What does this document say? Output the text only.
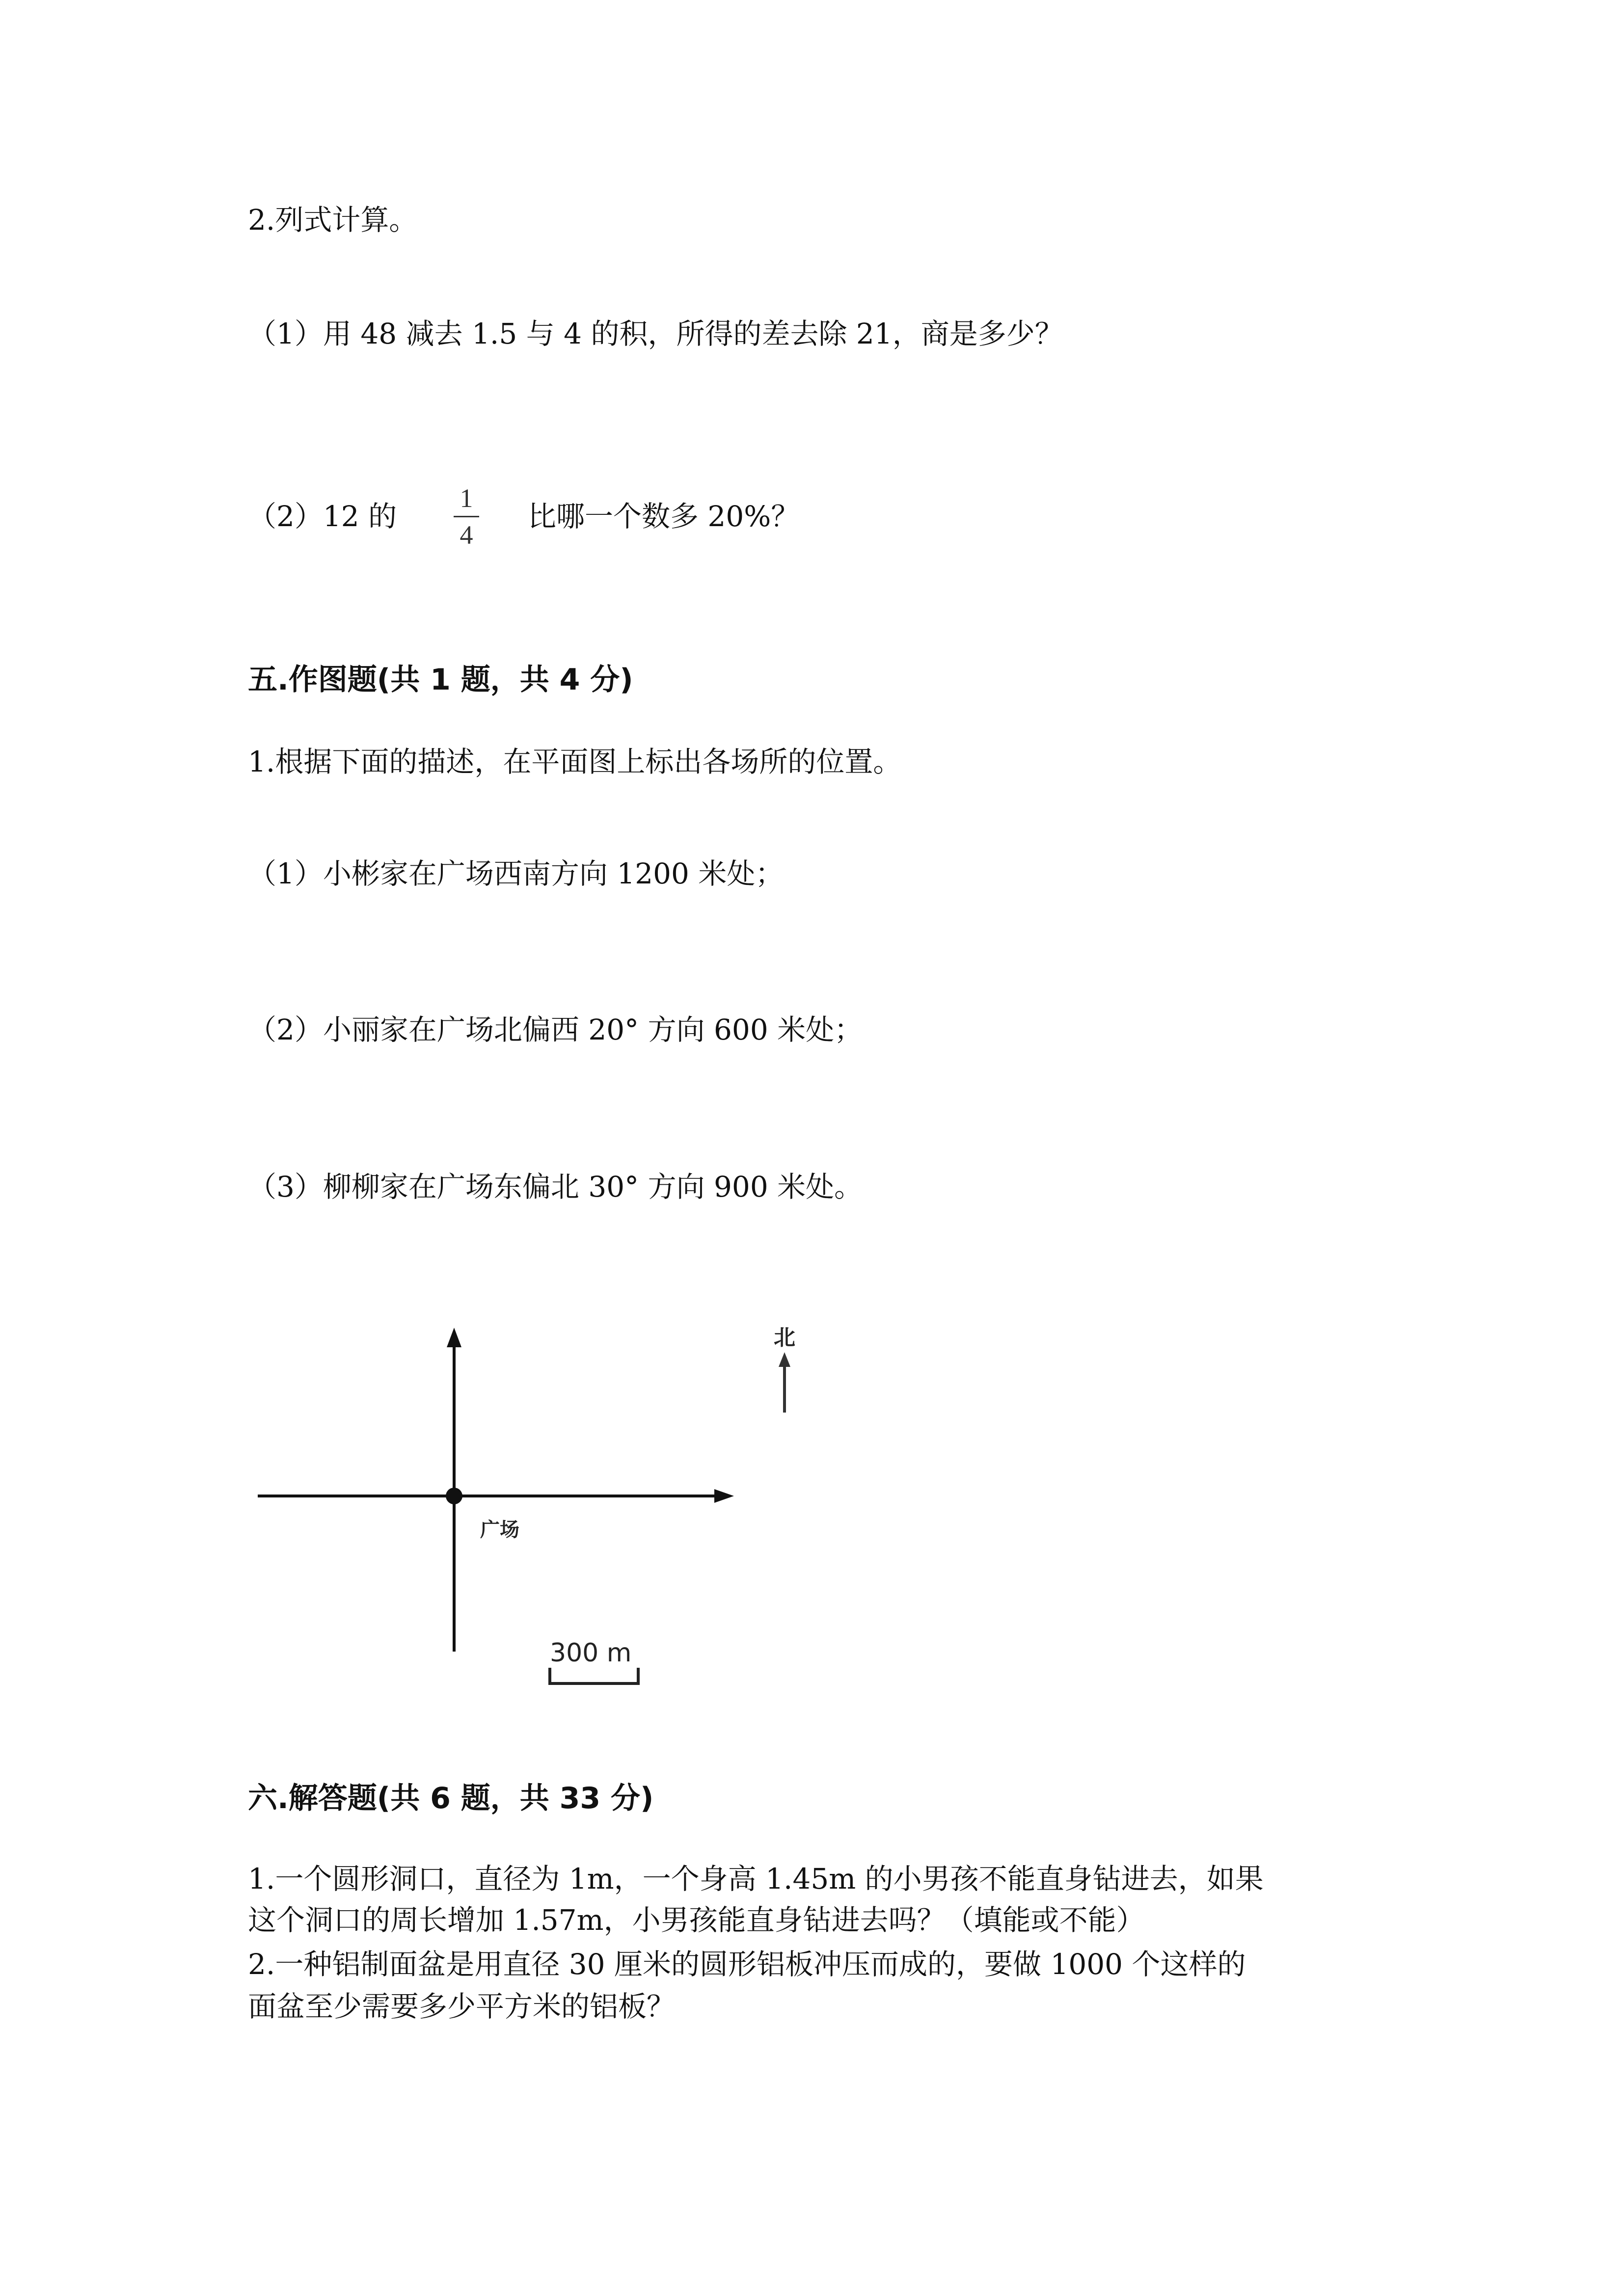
2.列式计算。
（1）用 48 减去 1.5 与 4 的积，所得的差去除 21，商是多少？
（2）12 的
1
4
比哪一个数多 20%？
五.作图题(共 1 题，共 4 分)
1.根据下面的描述，在平面图上标出各场所的位置。
（1）小彬家在广场西南方向 1200 米处；
（2）小丽家在广场北偏西 20° 方向 600 米处；
（3）柳柳家在广场东偏北 30° 方向 900 米处。
北
广场
300 m
六.解答题(共 6 题，共 33 分)
1.一个圆形洞口，直径为 1m，一个身高 1.45m 的小男孩不能直身钻进去，如果
这个洞口的周长增加 1.57m，小男孩能直身钻进去吗？（填能或不能）
2.一种铝制面盆是用直径 30 厘米的圆形铝板冲压而成的，要做 1000 个这样的
面盆至少需要多少平方米的铝板？
